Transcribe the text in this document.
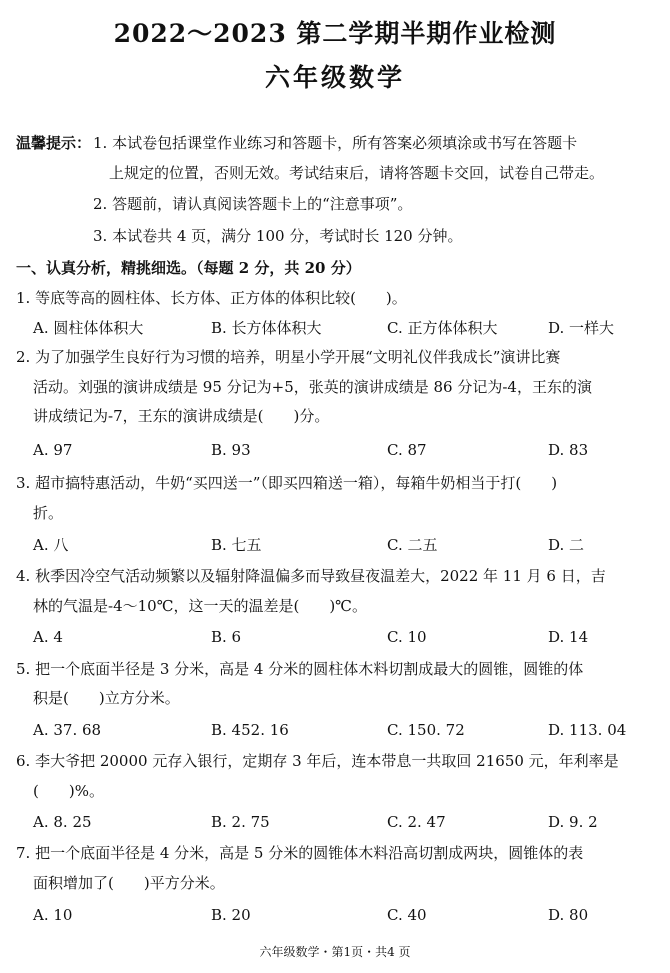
2022～2023 第二学期半期作业检测
六年级数学
温馨提示： 1. 本试卷包括课堂作业练习和答题卡，所有答案必须填涂或书写在答题卡
上规定的位置，否则无效。考试结束后，请将答题卡交回，试卷自己带走。
2. 答题前，请认真阅读答题卡上的“注意事项”。
3. 本试卷共 4 页，满分 100 分，考试时长 120 分钟。
一、认真分析，精挑细选。（每题 2 分，共 20 分）
1. 等底等高的圆柱体、长方体、正方体的体积比较(　　)。
A. 圆柱体体积大	B. 长方体体积大	C. 正方体体积大	D. 一样大
2. 为了加强学生良好行为习惯的培养，明星小学开展“文明礼仪伴我成长”演讲比赛
活动。刘强的演讲成绩是 95 分记为+5，张英的演讲成绩是 86 分记为-4，王东的演
讲成绩记为-7，王东的演讲成绩是(　　)分。
A. 97	B. 93	C. 87	D. 83
3. 超市搞特惠活动，牛奶“买四送一”（即买四箱送一箱），每箱牛奶相当于打(　　)
折。
A. 八	B. 七五	C. 二五	D. 二
4. 秋季因冷空气活动频繁以及辐射降温偏多而导致昼夜温差大，2022 年 11 月 6 日，吉
林的气温是-4～10℃，这一天的温差是(　　)℃。
A. 4	B. 6	C. 10	D. 14
5. 把一个底面半径是 3 分米，高是 4 分米的圆柱体木料切割成最大的圆锥，圆锥的体
积是(　　)立方分米。
A. 37. 68	B. 452. 16	C. 150. 72	D. 113. 04
6. 李大爷把 20000 元存入银行，定期存 3 年后，连本带息一共取回 21650 元，年利率是
(　　)%。
A. 8. 25	B. 2. 75	C. 2. 47	D. 9. 2
7. 把一个底面半径是 4 分米，高是 5 分米的圆锥体木料沿高切割成两块，圆锥体的表
面积增加了(　　)平方分米。
A. 10	B. 20	C. 40	D. 80
六年级数学・第1页・共4 页
